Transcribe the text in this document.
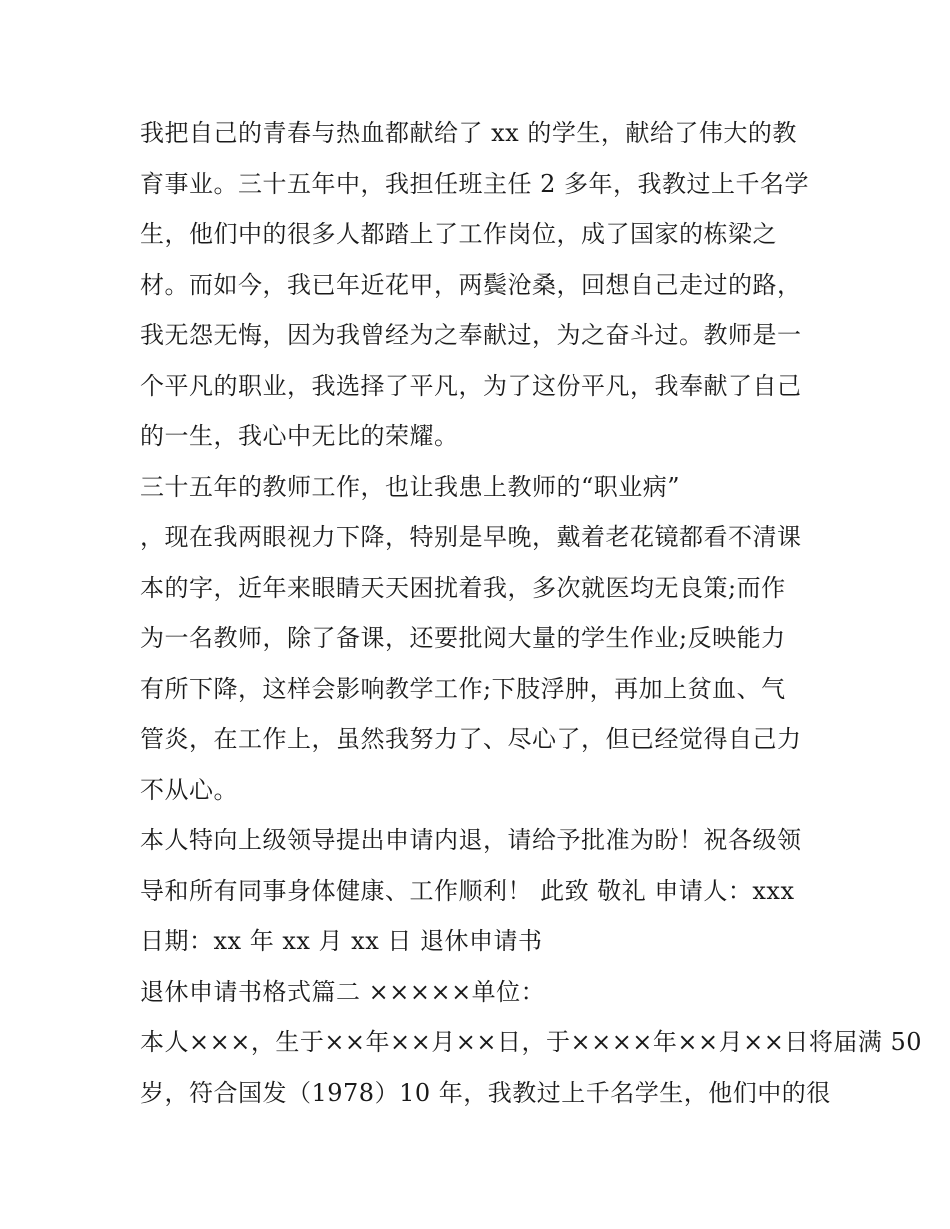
我把自己的青春与热血都献给了 xx 的学生，献给了伟大的教
育事业。三十五年中，我担任班主任 2 多年，我教过上千名学
生，他们中的很多人都踏上了工作岗位，成了国家的栋梁之
材。而如今，我已年近花甲，两鬓沧桑，回想自己走过的路，
我无怨无悔，因为我曾经为之奉献过，为之奋斗过。教师是一
个平凡的职业，我选择了平凡，为了这份平凡，我奉献了自己
的一生，我心中无比的荣耀。
三十五年的教师工作，也让我患上教师的“职业病”
，现在我两眼视力下降，特别是早晚，戴着老花镜都看不清课
本的字，近年来眼睛天天困扰着我，多次就医均无良策;而作
为一名教师，除了备课，还要批阅大量的学生作业;反映能力
有所下降，这样会影响教学工作;下肢浮肿，再加上贫血、气
管炎，在工作上，虽然我努力了、尽心了，但已经觉得自己力
不从心。
本人特向上级领导提出申请内退，请给予批准为盼！祝各级领
导和所有同事身体健康、工作顺利！ 此致 敬礼 申请人：xxx
日期：xx 年 xx 月 xx 日 退休申请书
退休申请书格式篇二 ×××××单位：
本人×××，生于××年××月××日，于××××年××月××日将届满 50
岁，符合国发（1978）10 年，我教过上千名学生，他们中的很
